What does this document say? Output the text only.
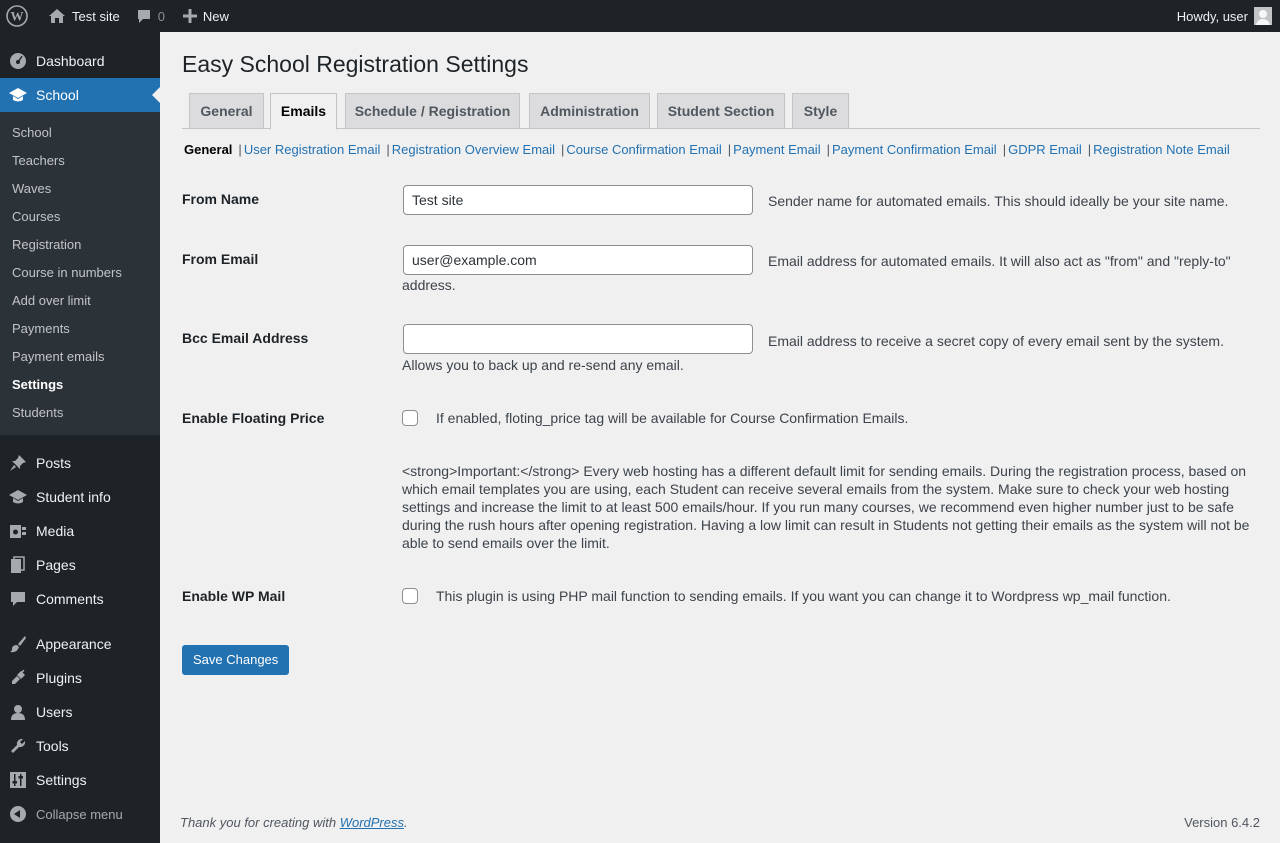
W	Test site	0	New	Howdy, user
Dashboard
School
School
Teachers
Waves
Courses
Registration
Course in numbers
Add over limit
Payments
Payment emails
Settings
Students
Posts
Student info
Media
Pages
Comments
Appearance
Plugins
Users
Tools
Settings
Collapse menu
Easy School Registration Settings
General	Emails	Schedule / Registration	Administration	Student Section	Style
General | User Registration Email | Registration Overview Email | Course Confirmation Email | Payment Email | Payment Confirmation Email | GDPR Email | Registration Note Email
From Name
Test site	Sender name for automated emails. This should ideally be your site name.
From Email
user@example.com	Email address for automated emails. It will also act as "from" and "reply-to"
address.
Bcc Email Address	Email address to receive a secret copy of every email sent by the system.
Allows you to back up and re-send any email.
Enable Floating Price	If enabled, floting_price tag will be available for Course Confirmation Emails.
<strong>Important:</strong> Every web hosting has a different default limit for sending emails. During the registration process, based on which email templates you are using, each Student can receive several emails from the system. Make sure to check your web hosting settings and increase the limit to at least 500 emails/hour. If you run many courses, we recommend even higher number just to be safe during the rush hours after opening registration. Having a low limit can result in Students not getting their emails as the system will not be able to send emails over the limit.
Enable WP Mail	This plugin is using PHP mail function to sending emails. If you want you can change it to Wordpress wp_mail function.
Save Changes
Thank you for creating with WordPress.	Version 6.4.2
